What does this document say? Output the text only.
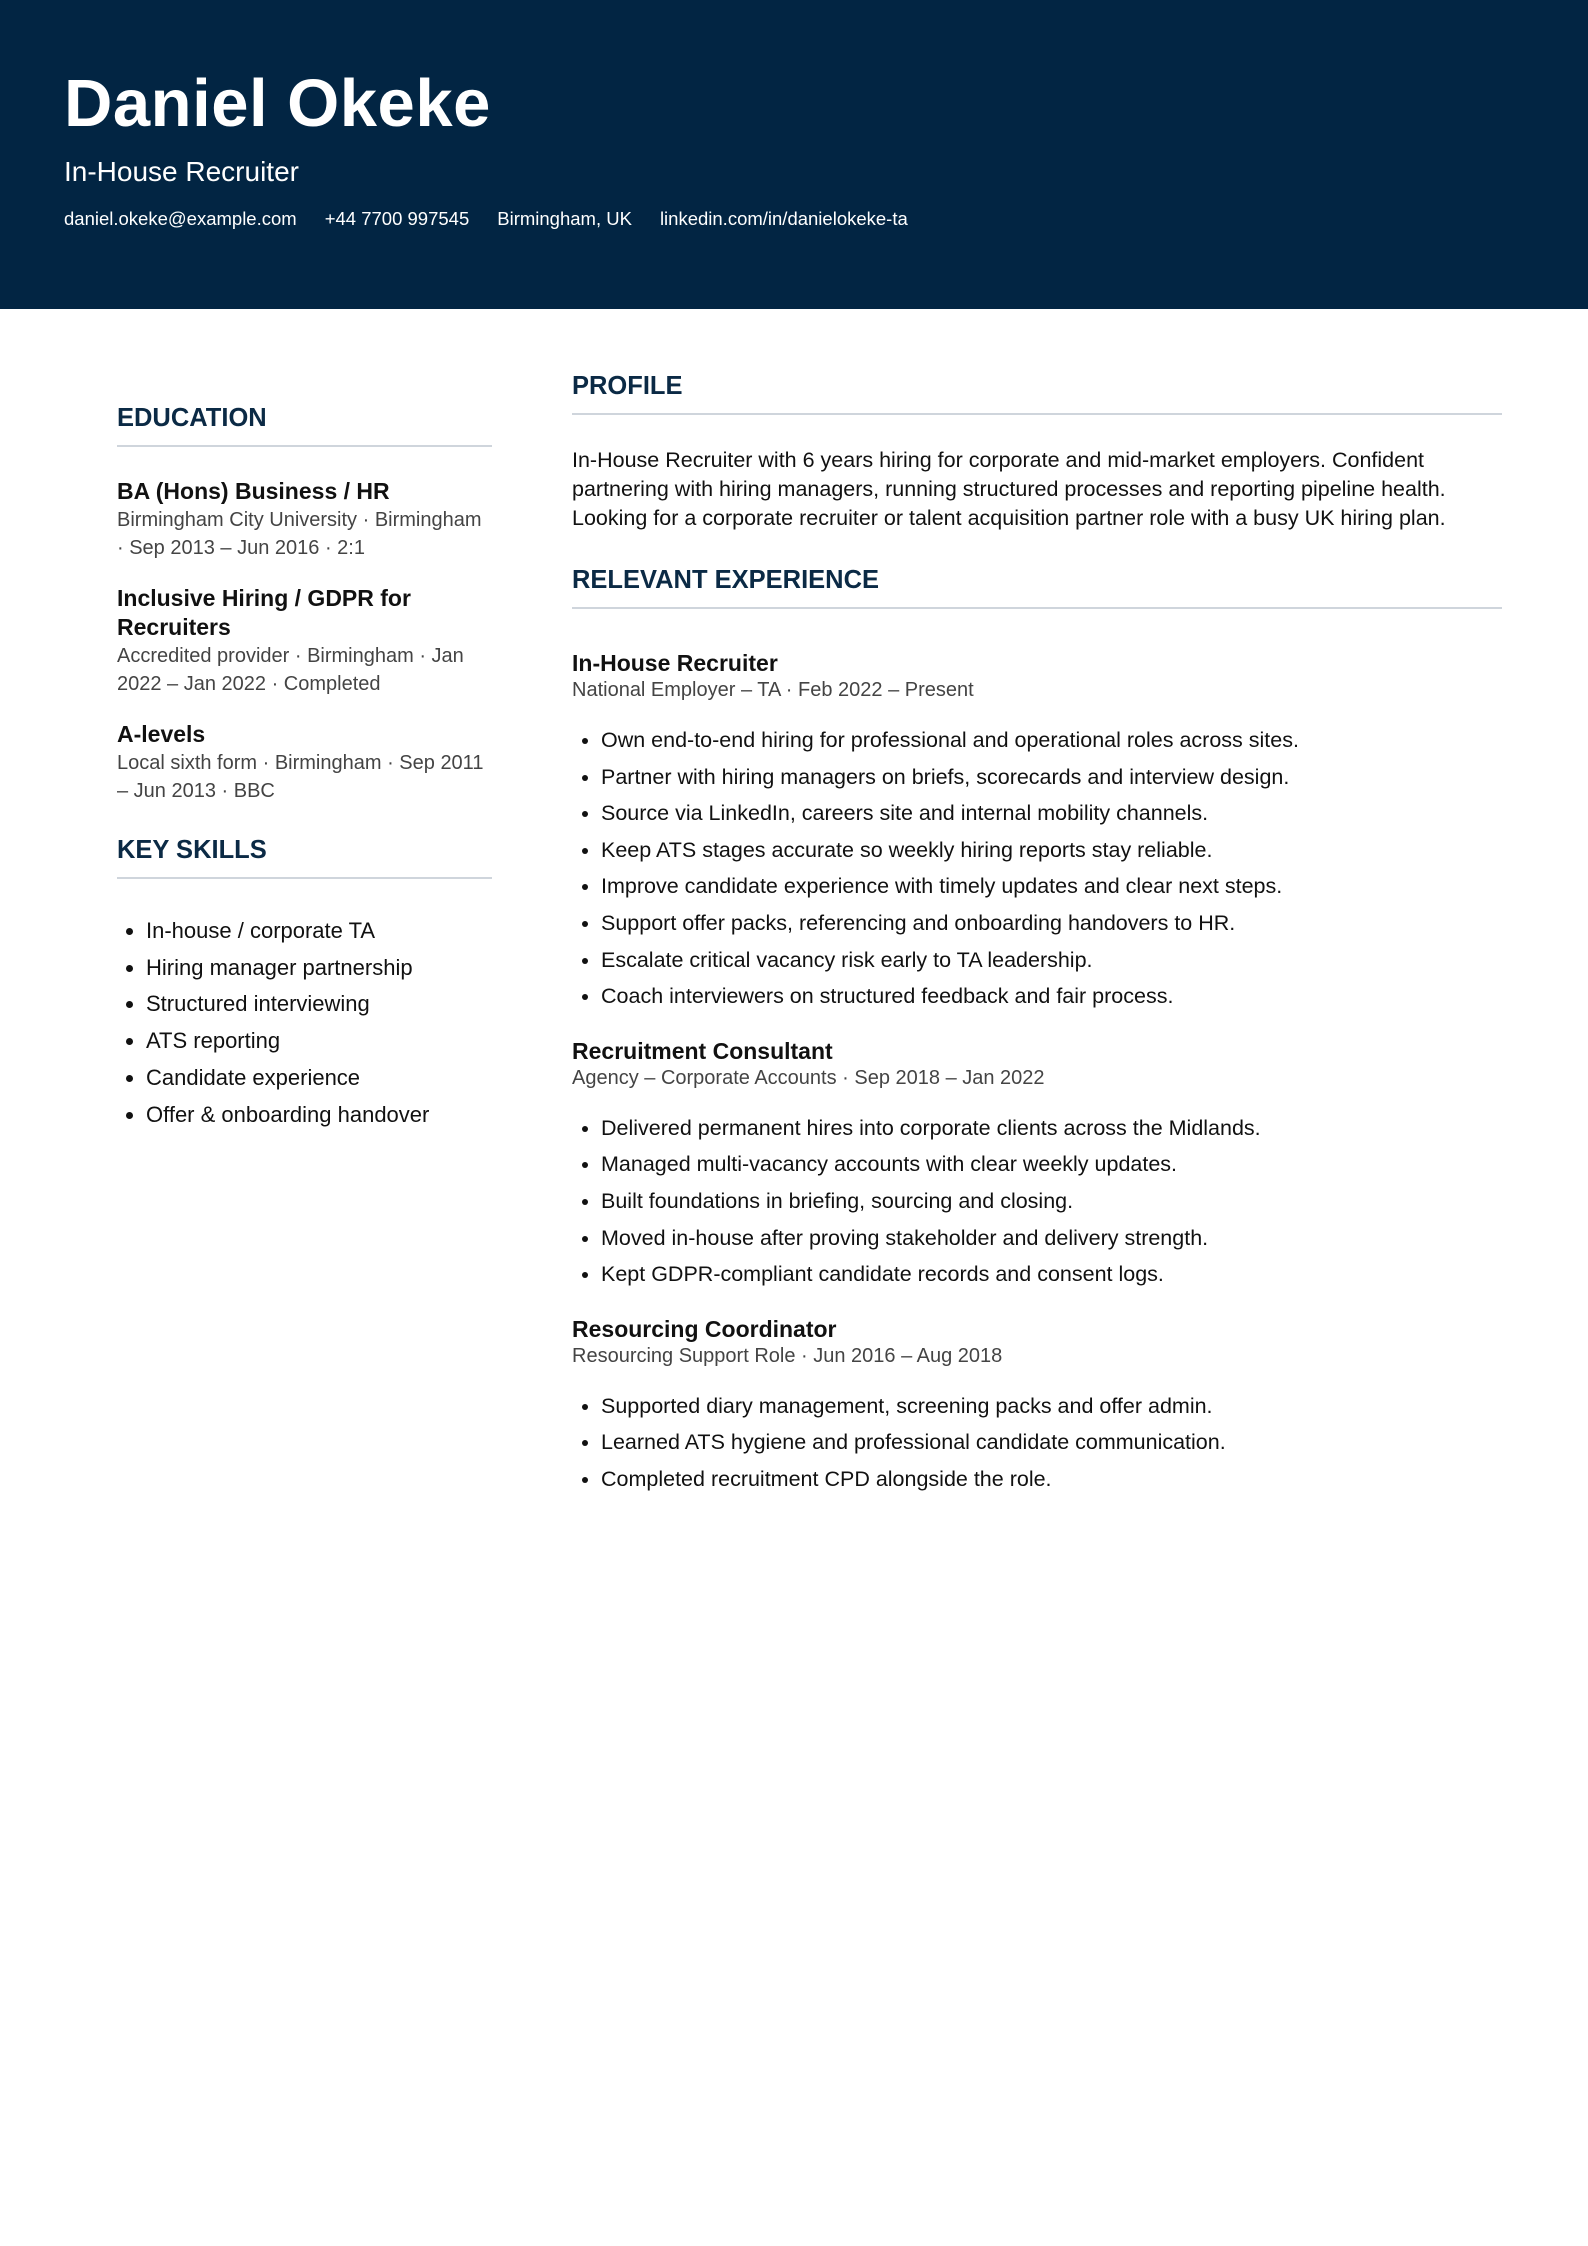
Daniel Okeke
In-House Recruiter
daniel.okeke@example.com +44 7700 997545 Birmingham, UK linkedin.com/in/danielokeke-ta
EDUCATION
BA (Hons) Business / HR
Birmingham City University · Birmingham · Sep 2013 – Jun 2016 · 2:1
Inclusive Hiring / GDPR for Recruiters
Accredited provider · Birmingham · Jan 2022 – Jan 2022 · Completed
A-levels
Local sixth form · Birmingham · Sep 2011 – Jun 2013 · BBC
KEY SKILLS
• In-house / corporate TA
• Hiring manager partnership
• Structured interviewing
• ATS reporting
• Candidate experience
• Offer & onboarding handover
PROFILE
In-House Recruiter with 6 years hiring for corporate and mid-market employers. Confident partnering with hiring managers, running structured processes and reporting pipeline health. Looking for a corporate recruiter or talent acquisition partner role with a busy UK hiring plan.
RELEVANT EXPERIENCE
In-House Recruiter
National Employer – TA · Feb 2022 – Present
• Own end-to-end hiring for professional and operational roles across sites.
• Partner with hiring managers on briefs, scorecards and interview design.
• Source via LinkedIn, careers site and internal mobility channels.
• Keep ATS stages accurate so weekly hiring reports stay reliable.
• Improve candidate experience with timely updates and clear next steps.
• Support offer packs, referencing and onboarding handovers to HR.
• Escalate critical vacancy risk early to TA leadership.
• Coach interviewers on structured feedback and fair process.
Recruitment Consultant
Agency – Corporate Accounts · Sep 2018 – Jan 2022
• Delivered permanent hires into corporate clients across the Midlands.
• Managed multi-vacancy accounts with clear weekly updates.
• Built foundations in briefing, sourcing and closing.
• Moved in-house after proving stakeholder and delivery strength.
• Kept GDPR-compliant candidate records and consent logs.
Resourcing Coordinator
Resourcing Support Role · Jun 2016 – Aug 2018
• Supported diary management, screening packs and offer admin.
• Learned ATS hygiene and professional candidate communication.
• Completed recruitment CPD alongside the role.
